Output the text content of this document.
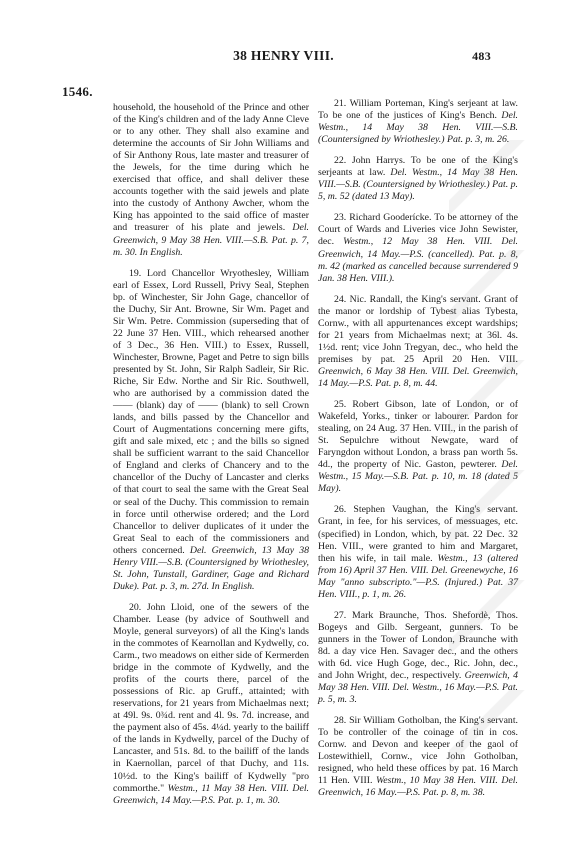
38 HENRY VIII.	483
1546.

household, the household of the Prince and other of the King's children and of the lady Anne Cleve or to any other. They shall also examine and determine the accounts of Sir John Williams and of Sir Anthony Rous, late master and treasurer of the Jewels, for the time during which he exercised that office, and shall deliver these accounts together with the said jewels and plate into the custody of Anthony Awcher, whom the King has appointed to the said office of master and treasurer of his plate and jewels. Del. Greenwich, 9 May 38 Hen. VIII.—S.B. Pat. p. 7, m. 30. In English.

19. Lord Chancellor Wryothesley, William earl of Essex, Lord Russell, Privy Seal, Stephen bp. of Winchester, Sir John Gage, chancellor of the Duchy, Sir Ant. Browne, Sir Wm. Paget and Sir Wm. Petre. Commission (superseding that of 22 June 37 Hen. VIII., which rehearsed another of 3 Dec., 36 Hen. VIII.) to Essex, Russell, Winchester, Browne, Paget and Petre to sign bills presented by St. John, Sir Ralph Sadleir, Sir Ric. Riche, Sir Edw. Northe and Sir Ric. Southwell, who are authorised by a commission dated the —— (blank) day of —— (blank) to sell Crown lands, and bills passed by the Chancellor and Court of Augmentations concerning mere gifts, gift and sale mixed, etc ; and the bills so signed shall be sufficient warrant to the said Chancellor of England and clerks of Chancery and to the chancellor of the Duchy of Lancaster and clerks of that court to seal the same with the Great Seal or seal of the Duchy. This commission to remain in force until otherwise ordered; and the Lord Chancellor to deliver duplicates of it under the Great Seal to each of the commissioners and others concerned. Del. Greenwich, 13 May 38 Henry VIII.—S.B. (Countersigned by Wriothesley, St. John, Tunstall, Gardiner, Gage and Richard Duke). Pat. p. 3, m. 27d. In English.

20. John Lloid, one of the sewers of the Chamber. Lease (by advice of Southwell and Moyle, general surveyors) of all the King's lands in the commotes of Kearnollan and Kydwelly, co. Carm., two meadows on either side of Kermerden bridge in the commote of Kydwelly, and the profits of the courts there, parcel of the possessions of Ric. ap Gruff., attainted; with reservations, for 21 years from Michaelmas next; at 49l. 9s. 0¾d. rent and 4l. 9s. 7d. increase, and the payment also of 45s. 4¼d. yearly to the bailiff of the lands in Kydwelly, parcel of the Duchy of Lancaster, and 51s. 8d. to the bailiff of the lands in Kaernollan, parcel of that Duchy, and 11s. 10½d. to the King's bailiff of Kydwelly "pro commorthe." Westm., 11 May 38 Hen. VIII. Del. Greenwich, 14 May.—P.S. Pat. p. 1, m. 30.

21. William Porteman, King's serjeant at law. To be one of the justices of King's Bench. Del. Westm., 14 May 38 Hen. VIII.—S.B. (Countersigned by Wriothesley.) Pat. p. 3, m. 26.

22. John Harrys. To be one of the King's serjeants at law. Del. Westm., 14 May 38 Hen. VIII.—S.B. (Countersigned by Wriothesley.) Pat. p. 5, m. 52 (dated 13 May).

23. Richard Gooderícke. To be attorney of the Court of Wards and Liveries vice John Sewister, dec. Westm., 12 May 38 Hen. VIII. Del. Greenwich, 14 May.—P.S. (cancelled). Pat. p. 8, m. 42 (marked as cancelled because surrendered 9 Jan. 38 Hen. VIII.).

24. Nic. Randall, the King's servant. Grant of the manor or lordship of Tybest alias Tybesta, Cornw., with all appurtenances except wardships; for 21 years from Michaelmas next; at 36l. 4s. 1½d. rent; vice John Tregyan, dec., who held the premises by pat. 25 April 20 Hen. VIII. Greenwich, 6 May 38 Hen. VIII. Del. Greenwich, 14 May.—P.S. Pat. p. 8, m. 44.

25. Robert Gibson, late of London, or of Wakefeld, Yorks., tinker or labourer. Pardon for stealing, on 24 Aug. 37 Hen. VIII., in the parish of St. Sepulchre without Newgate, ward of Faryngdon without London, a brass pan worth 5s. 4d., the property of Nic. Gaston, pewterer. Del. Westm., 15 May.—S.B. Pat. p. 10, m. 18 (dated 5 May).

26. Stephen Vaughan, the King's servant. Grant, in fee, for his services, of messuages, etc. (specified) in London, which, by pat. 22 Dec. 32 Hen. VIII., were granted to him and Margaret, then his wife, in tail male. Westm., 13 (altered from 16) April 37 Hen. VIII. Del. Greenewyche, 16 May "anno subscripto."—P.S. (Injured.) Pat. 37 Hen. VIII., p. 1, m. 26.

27. Mark Braunche, Thos. Shefordè, Thos. Bogeys and Gilb. Sergeant, gunners. To be gunners in the Tower of London, Braunche with 8d. a day vice Hen. Savager dec., and the others with 6d. vice Hugh Goge, dec., Ric. John, dec., and John Wright, dec., respectively. Greenwich, 4 May 38 Hen. VIII. Del. Westm., 16 May.—P.S. Pat. p. 5, m. 3.

28. Sir William Gotholban, the King's servant. To be controller of the coinage of tin in cos. Cornw. and Devon and keeper of the gaol of Lostewithiell, Cornw., vice John Gotholban, resigned, who held these offices by pat. 16 March 11 Hen. VIII. Westm., 10 May 38 Hen. VIII. Del. Greenwich, 16 May.—P.S. Pat. p. 8, m. 38.
